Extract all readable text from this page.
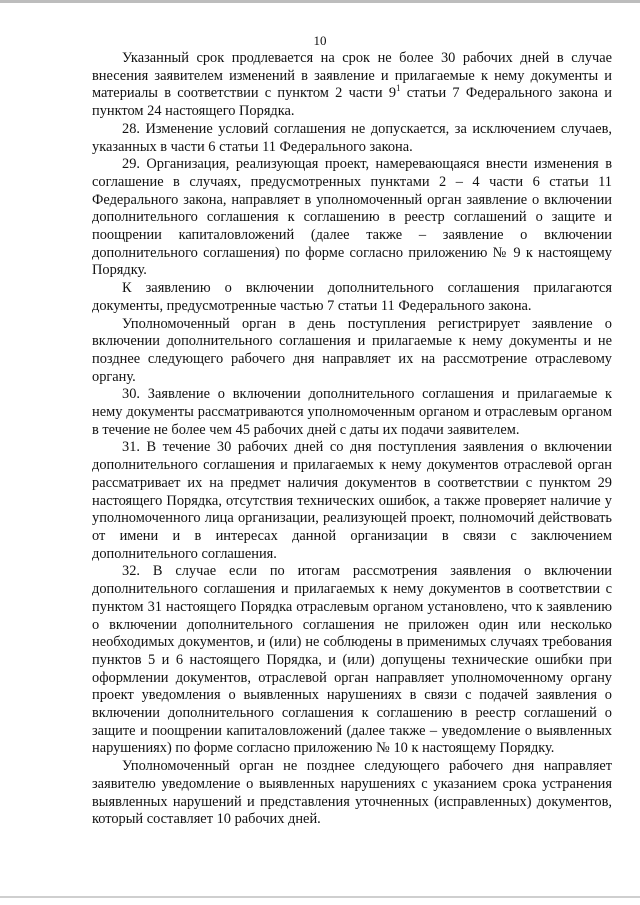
10

Указанный срок продлевается на срок не более 30 рабочих дней в случае внесения заявителем изменений в заявление и прилагаемые к нему документы и материалы в соответствии с пунктом 2 части $9^1$ статьи 7 Федерального закона и пунктом 24 настоящего Порядка.

28. Изменение условий соглашения не допускается, за исключением случаев, указанных в части 6 статьи 11 Федерального закона.

29. Организация, реализующая проект, намеревающаяся внести изменения в соглашение в случаях, предусмотренных пунктами 2 – 4 части 6 статьи 11 Федерального закона, направляет в уполномоченный орган заявление о включении дополнительного соглашения к соглашению в реестр соглашений о защите и поощрении капиталовложений (далее также – заявление о включении дополнительного соглашения) по форме согласно приложению № 9 к настоящему Порядку.

К заявлению о включении дополнительного соглашения прилагаются документы, предусмотренные частью 7 статьи 11 Федерального закона.

Уполномоченный орган в день поступления регистрирует заявление о включении дополнительного соглашения и прилагаемые к нему документы и не позднее следующего рабочего дня направляет их на рассмотрение отраслевому органу.

30. Заявление о включении дополнительного соглашения и прилагаемые к нему документы рассматриваются уполномоченным органом и отраслевым органом в течение не более чем 45 рабочих дней с даты их подачи заявителем.

31. В течение 30 рабочих дней со дня поступления заявления о включении дополнительного соглашения и прилагаемых к нему документов отраслевой орган рассматривает их на предмет наличия документов в соответствии с пунктом 29 настоящего Порядка, отсутствия технических ошибок, а также проверяет наличие у уполномоченного лица организации, реализующей проект, полномочий действовать от имени и в интересах данной организации в связи с заключением дополнительного соглашения.

32. В случае если по итогам рассмотрения заявления о включении дополнительного соглашения и прилагаемых к нему документов в соответствии с пунктом 31 настоящего Порядка отраслевым органом установлено, что к заявлению о включении дополнительного соглашения не приложен один или несколько необходимых документов, и (или) не соблюдены в применимых случаях требования пунктов 5 и 6 настоящего Порядка, и (или) допущены технические ошибки при оформлении документов, отраслевой орган направляет уполномоченному органу проект уведомления о выявленных нарушениях в связи с подачей заявления о включении дополнительного соглашения к соглашению в реестр соглашений о защите и поощрении капиталовложений (далее также – уведомление о выявленных нарушениях) по форме согласно приложению № 10 к настоящему Порядку.

Уполномоченный орган не позднее следующего рабочего дня направляет заявителю уведомление о выявленных нарушениях с указанием срока устранения выявленных нарушений и представления уточненных (исправленных) документов, который составляет 10 рабочих дней.
